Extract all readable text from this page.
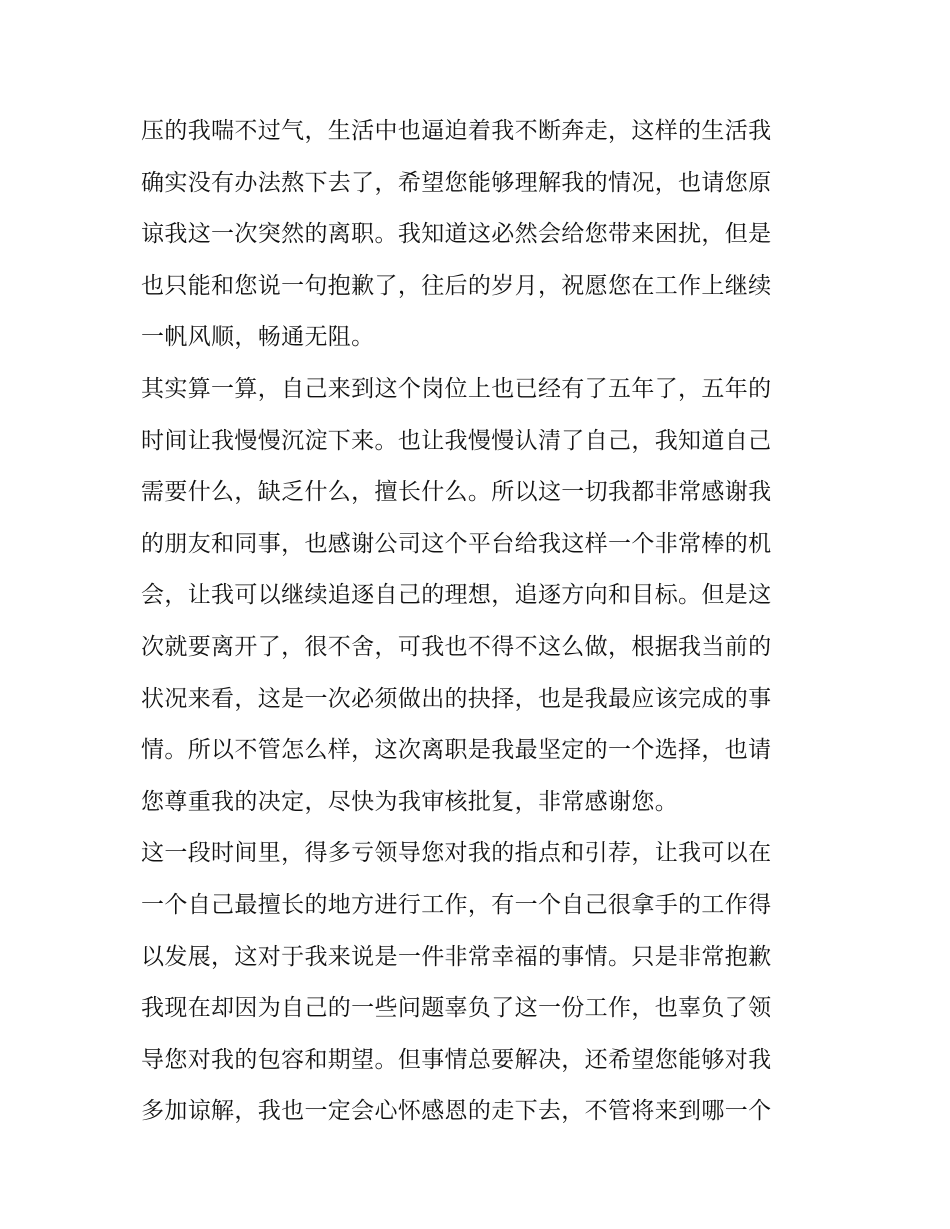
压的我喘不过气，生活中也逼迫着我不断奔走，这样的生活我
确实没有办法熬下去了，希望您能够理解我的情况，也请您原
谅我这一次突然的离职。我知道这必然会给您带来困扰，但是
也只能和您说一句抱歉了，往后的岁月，祝愿您在工作上继续
一帆风顺，畅通无阻。
其实算一算，自己来到这个岗位上也已经有了五年了，五年的
时间让我慢慢沉淀下来。也让我慢慢认清了自己，我知道自己
需要什么，缺乏什么，擅长什么。所以这一切我都非常感谢我
的朋友和同事，也感谢公司这个平台给我这样一个非常棒的机
会，让我可以继续追逐自己的理想，追逐方向和目标。但是这
次就要离开了，很不舍，可我也不得不这么做，根据我当前的
状况来看，这是一次必须做出的抉择，也是我最应该完成的事
情。所以不管怎么样，这次离职是我最坚定的一个选择，也请
您尊重我的决定，尽快为我审核批复，非常感谢您。
这一段时间里，得多亏领导您对我的指点和引荐，让我可以在
一个自己最擅长的地方进行工作，有一个自己很拿手的工作得
以发展，这对于我来说是一件非常幸福的事情。只是非常抱歉
我现在却因为自己的一些问题辜负了这一份工作，也辜负了领
导您对我的包容和期望。但事情总要解决，还希望您能够对我
多加谅解，我也一定会心怀感恩的走下去，不管将来到哪一个
